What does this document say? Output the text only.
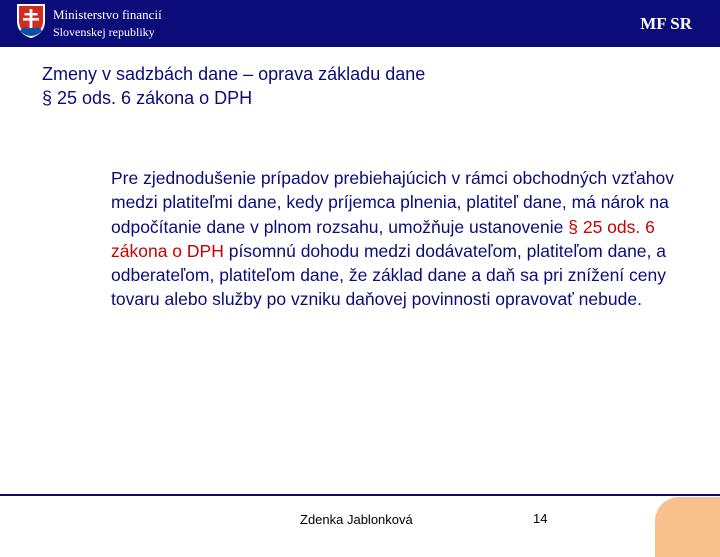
Ministerstvo financií
Slovenskej republiky	MF SR
Zmeny v sadzbách dane – oprava základu dane
§ 25 ods. 6 zákona o DPH

Pre zjednodušenie prípadov prebiehajúcich v rámci obchodných vzťahov medzi platiteľmi dane, kedy príjemca plnenia, platiteľ dane, má nárok na odpočítanie dane v plnom rozsahu, umožňuje ustanovenie § 25 ods. 6 zákona o DPH písomnú dohodu medzi dodávateľom, platiteľom dane, a odberateľom, platiteľom dane, že základ dane a daň sa pri znížení ceny tovaru alebo služby po vzniku daňovej povinnosti opravovať nebude.

Zdenka Jablonková	14
